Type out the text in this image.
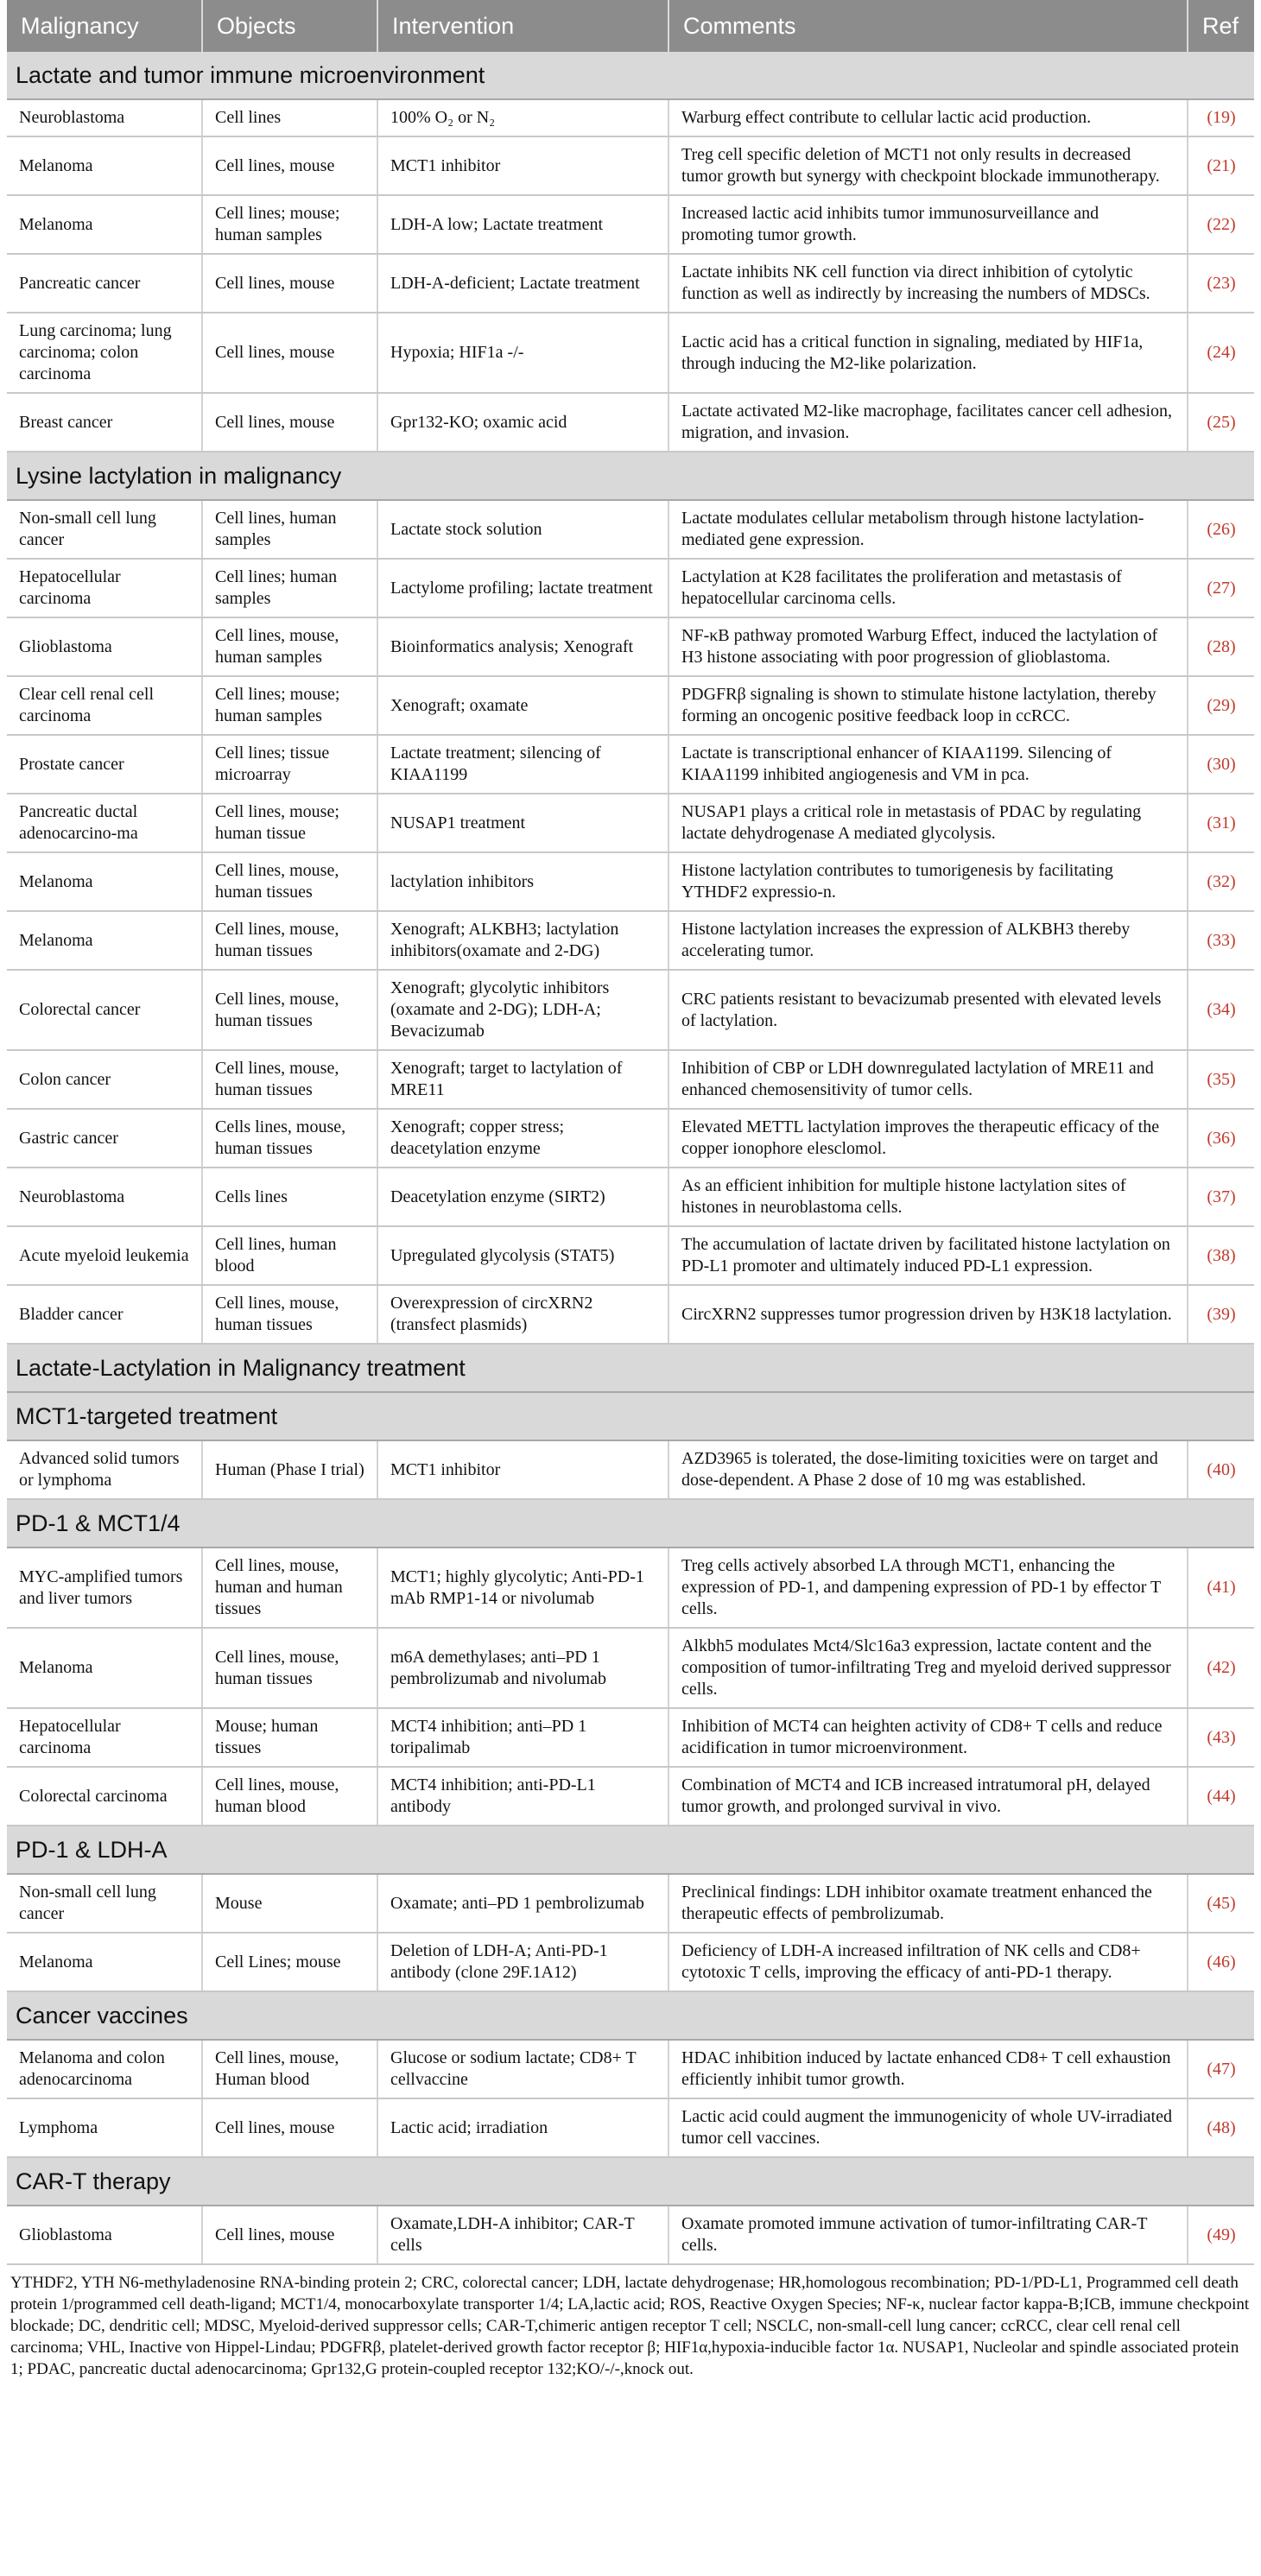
Malignancy	Objects	Intervention	Comments	Ref
Lactate and tumor immune microenvironment				
Neuroblastoma	Cell lines	100% O₂ or N₂	Warburg effect contribute to cellular lactic acid production.	(19)
Melanoma	Cell lines, mouse	MCT1 inhibitor	Treg cell specific deletion of MCT1 not only results in decreased tumor growth but synergy with checkpoint blockade immunotherapy.	(21)
Melanoma	Cell lines; mouse; human samples	LDH-A low; Lactate treatment	Increased lactic acid inhibits tumor immunosurveillance and promoting tumor growth.	(22)
Pancreatic cancer	Cell lines, mouse	LDH-A-deficient; Lactate treatment	Lactate inhibits NK cell function via direct inhibition of cytolytic function as well as indirectly by increasing the numbers of MDSCs.	(23)
Lung carcinoma; lung carcinoma; colon carcinoma	Cell lines, mouse	Hypoxia; HIF1a -/-	Lactic acid has a critical function in signaling, mediated by HIF1a, through inducing the M2-like polarization.	(24)
Breast cancer	Cell lines, mouse	Gpr132-KO; oxamic acid	Lactate activated M2-like macrophage, facilitates cancer cell adhesion, migration, and invasion.	(25)
Lysine lactylation in malignancy				
Non-small cell lung cancer	Cell lines, human samples	Lactate stock solution	Lactate modulates cellular metabolism through histone lactylation-mediated gene expression.	(26)
Hepatocellular carcinoma	Cell lines; human samples	Lactylome profiling; lactate treatment	Lactylation at K28 facilitates the proliferation and metastasis of hepatocellular carcinoma cells.	(27)
Glioblastoma	Cell lines, mouse, human samples	Bioinformatics analysis; Xenograft	NF-κB pathway promoted Warburg Effect, induced the lactylation of H3 histone associating with poor progression of glioblastoma.	(28)
Clear cell renal cell carcinoma	Cell lines; mouse; human samples	Xenograft; oxamate	PDGFRβ signaling is shown to stimulate histone lactylation, thereby forming an oncogenic positive feedback loop in ccRCC.	(29)
Prostate cancer	Cell lines; tissue microarray	Lactate treatment; silencing of KIAA1199	Lactate is transcriptional enhancer of KIAA1199. Silencing of KIAA1199 inhibited angiogenesis and VM in pca.	(30)
Pancreatic ductal adenocarcino-ma	Cell lines, mouse; human tissue	NUSAP1 treatment	NUSAP1 plays a critical role in metastasis of PDAC by regulating lactate dehydrogenase A mediated glycolysis.	(31)
Melanoma	Cell lines, mouse, human tissues	lactylation inhibitors	Histone lactylation contributes to tumorigenesis by facilitating YTHDF2 expressio-n.	(32)
Melanoma	Cell lines, mouse, human tissues	Xenograft; ALKBH3; lactylation inhibitors(oxamate and 2-DG)	Histone lactylation increases the expression of ALKBH3 thereby accelerating tumor.	(33)
Colorectal cancer	Cell lines, mouse, human tissues	Xenograft; glycolytic inhibitors (oxamate and 2-DG); LDH-A; Bevacizumab	CRC patients resistant to bevacizumab presented with elevated levels of lactylation.	(34)
Colon cancer	Cell lines, mouse, human tissues	Xenograft; target to lactylation of MRE11	Inhibition of CBP or LDH downregulated lactylation of MRE11 and enhanced chemosensitivity of tumor cells.	(35)
Gastric cancer	Cells lines, mouse, human tissues	Xenograft; copper stress; deacetylation enzyme	Elevated METTL lactylation improves the therapeutic efficacy of the copper ionophore elesclomol.	(36)
Neuroblastoma	Cells lines	Deacetylation enzyme (SIRT2)	As an efficient inhibition for multiple histone lactylation sites of histones in neuroblastoma cells.	(37)
Acute myeloid leukemia	Cell lines, human blood	Upregulated glycolysis (STAT5)	The accumulation of lactate driven by facilitated histone lactylation on PD-L1 promoter and ultimately induced PD-L1 expression.	(38)
Bladder cancer	Cell lines, mouse, human tissues	Overexpression of circXRN2 (transfect plasmids)	CircXRN2 suppresses tumor progression driven by H3K18 lactylation.	(39)
Lactate-Lactylation in Malignancy treatment				
MCT1-targeted treatment				
Advanced solid tumors or lymphoma	Human (Phase I trial)	MCT1 inhibitor	AZD3965 is tolerated, the dose-limiting toxicities were on target and dose-dependent. A Phase 2 dose of 10 mg was established.	(40)
PD-1 & MCT1/4				
MYC-amplified tumors and liver tumors	Cell lines, mouse, human and human tissues	MCT1; highly glycolytic; Anti-PD-1 mAb RMP1-14 or nivolumab	Treg cells actively absorbed LA through MCT1, enhancing the expression of PD-1, and dampening expression of PD-1 by effector T cells.	(41)
Melanoma	Cell lines, mouse, human tissues	m6A demethylases; anti–PD 1 pembrolizumab and nivolumab	Alkbh5 modulates Mct4/Slc16a3 expression, lactate content and the composition of tumor-infiltrating Treg and myeloid derived suppressor cells.	(42)
Hepatocellular carcinoma	Mouse; human tissues	MCT4 inhibition; anti–PD 1 toripalimab	Inhibition of MCT4 can heighten activity of CD8+ T cells and reduce acidification in tumor microenvironment.	(43)
Colorectal carcinoma	Cell lines, mouse, human blood	MCT4 inhibition; anti-PD-L1 antibody	Combination of MCT4 and ICB increased intratumoral pH, delayed tumor growth, and prolonged survival in vivo.	(44)
PD-1 & LDH-A				
Non-small cell lung cancer	Mouse	Oxamate; anti–PD 1 pembrolizumab	Preclinical findings: LDH inhibitor oxamate treatment enhanced the therapeutic effects of pembrolizumab.	(45)
Melanoma	Cell Lines; mouse	Deletion of LDH-A; Anti-PD-1 antibody (clone 29F.1A12)	Deficiency of LDH-A increased infiltration of NK cells and CD8+ cytotoxic T cells, improving the efficacy of anti-PD-1 therapy.	(46)
Cancer vaccines				
Melanoma and colon adenocarcinoma	Cell lines, mouse, Human blood	Glucose or sodium lactate; CD8+ T cellvaccine	HDAC inhibition induced by lactate enhanced CD8+ T cell exhaustion efficiently inhibit tumor growth.	(47)
Lymphoma	Cell lines, mouse	Lactic acid; irradiation	Lactic acid could augment the immunogenicity of whole UV-irradiated tumor cell vaccines.	(48)
CAR-T therapy				
Glioblastoma	Cell lines, mouse	Oxamate,LDH-A inhibitor; CAR-T cells	Oxamate promoted immune activation of tumor-infiltrating CAR-T cells.	(49)
YTHDF2, YTH N6-methyladenosine RNA-binding protein 2; CRC, colorectal cancer; LDH, lactate dehydrogenase; HR,homologous recombination; PD-1/PD-L1, Programmed cell death protein 1/programmed cell death-ligand; MCT1/4, monocarboxylate transporter 1/4; LA,lactic acid; ROS, Reactive Oxygen Species; NF-κ, nuclear factor kappa-B;ICB, immune checkpoint blockade; DC, dendritic cell; MDSC, Myeloid-derived suppressor cells; CAR-T,chimeric antigen receptor T cell; NSCLC, non-small-cell lung cancer; ccRCC, clear cell renal cell carcinoma; VHL, Inactive von Hippel-Lindau; PDGFRβ, platelet-derived growth factor receptor β; HIF1α,hypoxia-inducible factor 1α. NUSAP1, Nucleolar and spindle associated protein 1; PDAC, pancreatic ductal adenocarcinoma; Gpr132,G protein-coupled receptor 132;KO/-/-,knock out.
